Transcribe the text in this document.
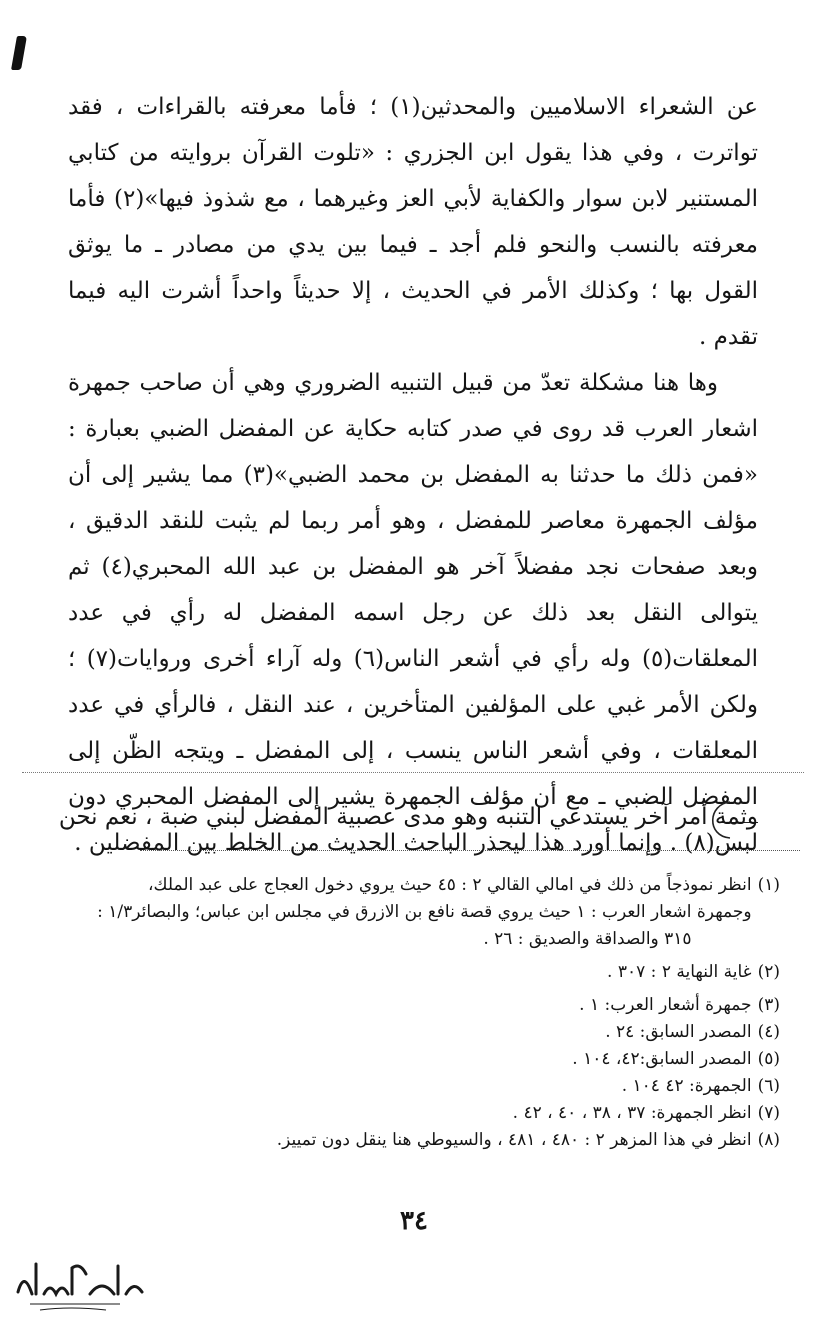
عن الشعراء الاسلاميين والمحدثين(١) ؛ فأما معرفته بالقراءات ، فقد تواترت ، وفي هذا يقول ابن الجزري : «تلوت القرآن بروايته من كتابي المستنير لابن سوار والكفاية لأبي العز وغيرهما ، مع شذوذ فيها»(٢) فأما معرفته بالنسب والنحو فلم أجد ـ فيما بين يدي من مصادر ـ ما يوثق القول بها ؛ وكذلك الأمر في الحديث ، إلا حديثاً واحداً أشرت اليه فيما تقدم .

وها هنا مشكلة تعدّ من قبيل التنبيه الضروري وهي أن صاحب جمهرة اشعار العرب قد روى في صدر كتابه حكاية عن المفضل الضبي بعبارة : «فمن ذلك ما حدثنا به المفضل بن محمد الضبي»(٣) مما يشير إلى أن مؤلف الجمهرة معاصر للمفضل ، وهو أمر ربما لم يثبت للنقد الدقيق ، وبعد صفحات نجد مفضلاً آخر هو المفضل بن عبد الله المحبري(٤) ثم يتوالى النقل بعد ذلك عن رجل اسمه المفضل له رأي في عدد المعلقات(٥) وله رأي في أشعر الناس(٦) وله آراء أخرى وروايات(٧) ؛ ولكن الأمر غبي على المؤلفين المتأخرين ، عند النقل ، فالرأي في عدد المعلقات ، وفي أشعر الناس ينسب ، إلى المفضل ـ ويتجه الظّن إلى المفضل الضبي ـ مع أن مؤلف الجمهرة يشير إلى المفضل المحبري دون لبس(٨) . وإنما أورد هذا ليحذر الباحث الحديث من الخلط بين المفضلين .

وثمة أمر آخر يستدعي التنبه وهو مدى عصبية المفضل لبني ضبة ، نعم نحن
(١)
انظر نموذجاً من ذلك في امالي القالي ٢ : ٤٥ حيث يروي دخول العجاج على عبد الملك،
وجمهرة اشعار العرب : ١ حيث يروي قصة نافع بن الازرق في مجلس ابن عباس؛ والبصائر١/٣ :
٣١٥ والصداقة والصديق : ٢٦ .
(٢)
غاية النهاية ٢ : ٣٠٧ .
(٣)
جمهرة أشعار العرب: ١ .
(٤)
المصدر السابق: ٢٤ .
(٥)
المصدر السابق:٤٢، ١٠٤ .
(٦)
الجمهرة: ٤٢ ١٠٤ .
(٧)
انظر الجمهرة: ٣٧ ، ٣٨ ، ٤٠ ، ٤٢ .
(٨)
انظر في هذا المزهر ٢ : ٤٨٠ ، ٤٨١ ، والسيوطي هنا ينقل دون تمييز.
٣٤
